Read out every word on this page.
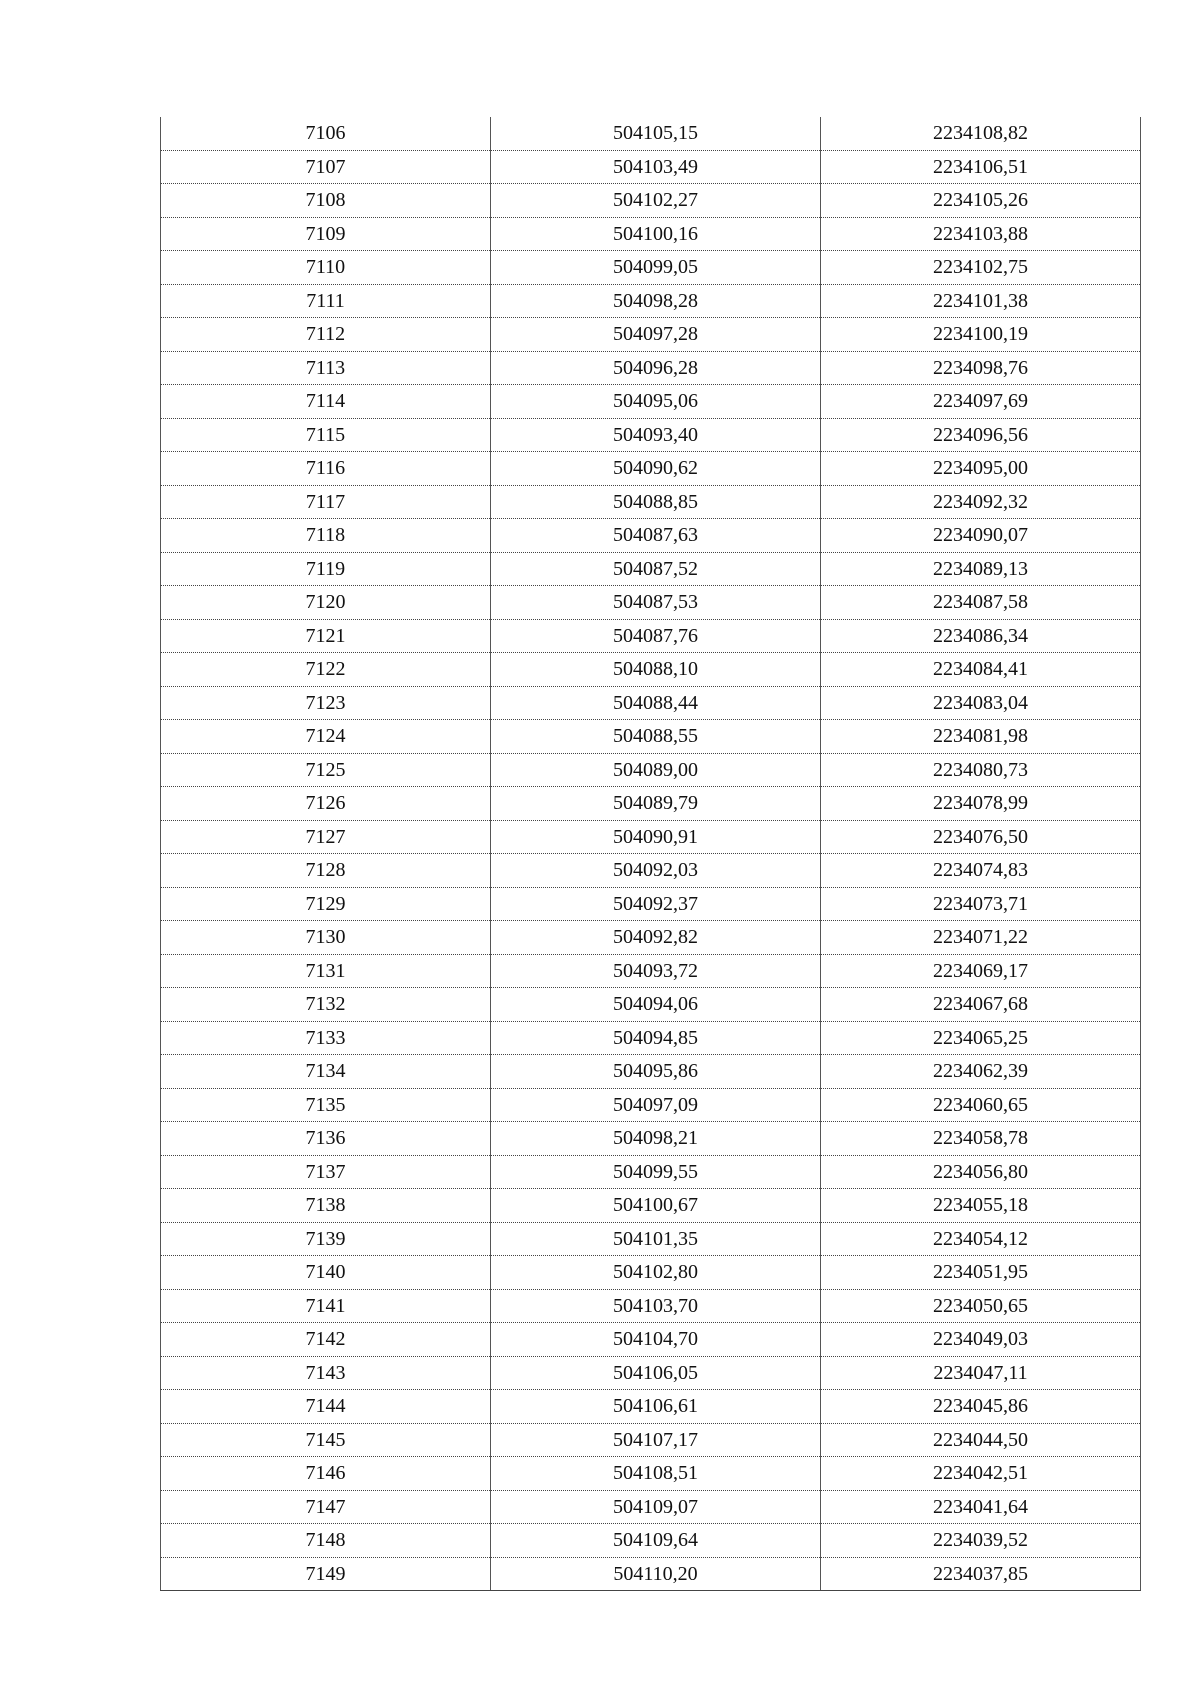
7106	504105,15	2234108,82
7107	504103,49	2234106,51
7108	504102,27	2234105,26
7109	504100,16	2234103,88
7110	504099,05	2234102,75
7111	504098,28	2234101,38
7112	504097,28	2234100,19
7113	504096,28	2234098,76
7114	504095,06	2234097,69
7115	504093,40	2234096,56
7116	504090,62	2234095,00
7117	504088,85	2234092,32
7118	504087,63	2234090,07
7119	504087,52	2234089,13
7120	504087,53	2234087,58
7121	504087,76	2234086,34
7122	504088,10	2234084,41
7123	504088,44	2234083,04
7124	504088,55	2234081,98
7125	504089,00	2234080,73
7126	504089,79	2234078,99
7127	504090,91	2234076,50
7128	504092,03	2234074,83
7129	504092,37	2234073,71
7130	504092,82	2234071,22
7131	504093,72	2234069,17
7132	504094,06	2234067,68
7133	504094,85	2234065,25
7134	504095,86	2234062,39
7135	504097,09	2234060,65
7136	504098,21	2234058,78
7137	504099,55	2234056,80
7138	504100,67	2234055,18
7139	504101,35	2234054,12
7140	504102,80	2234051,95
7141	504103,70	2234050,65
7142	504104,70	2234049,03
7143	504106,05	2234047,11
7144	504106,61	2234045,86
7145	504107,17	2234044,50
7146	504108,51	2234042,51
7147	504109,07	2234041,64
7148	504109,64	2234039,52
7149	504110,20	2234037,85
